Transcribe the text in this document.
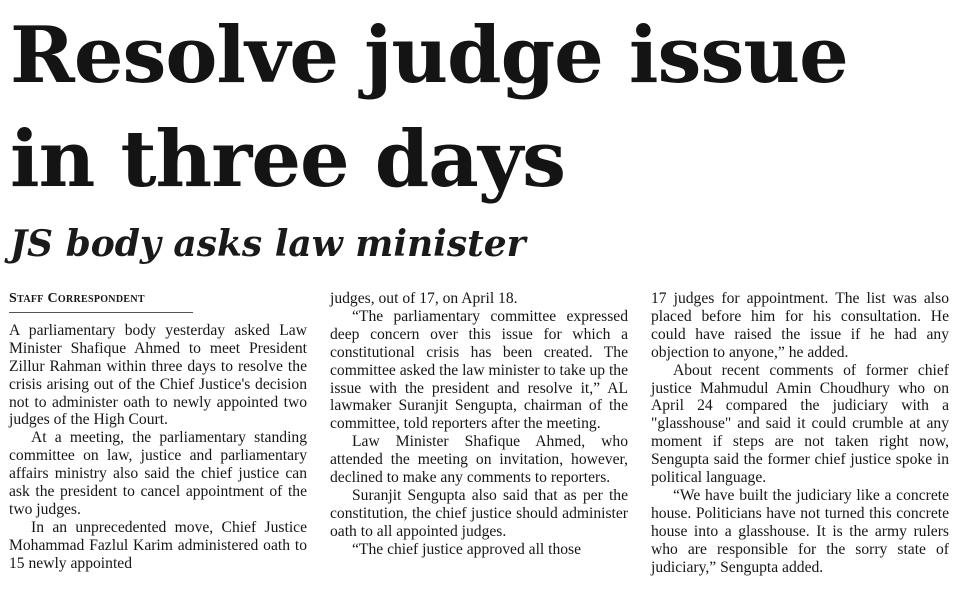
Resolve judge issue in three days
JS body asks law minister
Staff Correspondent

A parliamentary body yesterday asked Law Minister Shafique Ahmed to meet President Zillur Rahman within three days to resolve the crisis arising out of the Chief Justice's decision not to administer oath to newly appointed two judges of the High Court.

At a meeting, the parliamentary standing committee on law, justice and parliamentary affairs ministry also said the chief justice can ask the president to cancel appointment of the two judges.

In an unprecedented move, Chief Justice Mohammad Fazlul Karim administered oath to 15 newly appointed

judges, out of 17, on April 18.

“The parliamentary committee expressed deep concern over this issue for which a constitutional crisis has been created. The committee asked the law minister to take up the issue with the president and resolve it,” AL lawmaker Suranjit Sengupta, chairman of the committee, told reporters after the meeting.

Law Minister Shafique Ahmed, who attended the meeting on invitation, however, declined to make any comments to reporters.

Suranjit Sengupta also said that as per the constitution, the chief justice should administer oath to all appointed judges.

“The chief justice approved all those

17 judges for appointment. The list was also placed before him for his consultation. He could have raised the issue if he had any objection to anyone,” he added.

About recent comments of former chief justice Mahmudul Amin Choudhury who on April 24 compared the judiciary with a "glasshouse" and said it could crumble at any moment if steps are not taken right now, Sengupta said the former chief justice spoke in political language.

“We have built the judiciary like a concrete house. Politicians have not turned this concrete house into a glasshouse. It is the army rulers who are responsible for the sorry state of judiciary,” Sengupta added.
